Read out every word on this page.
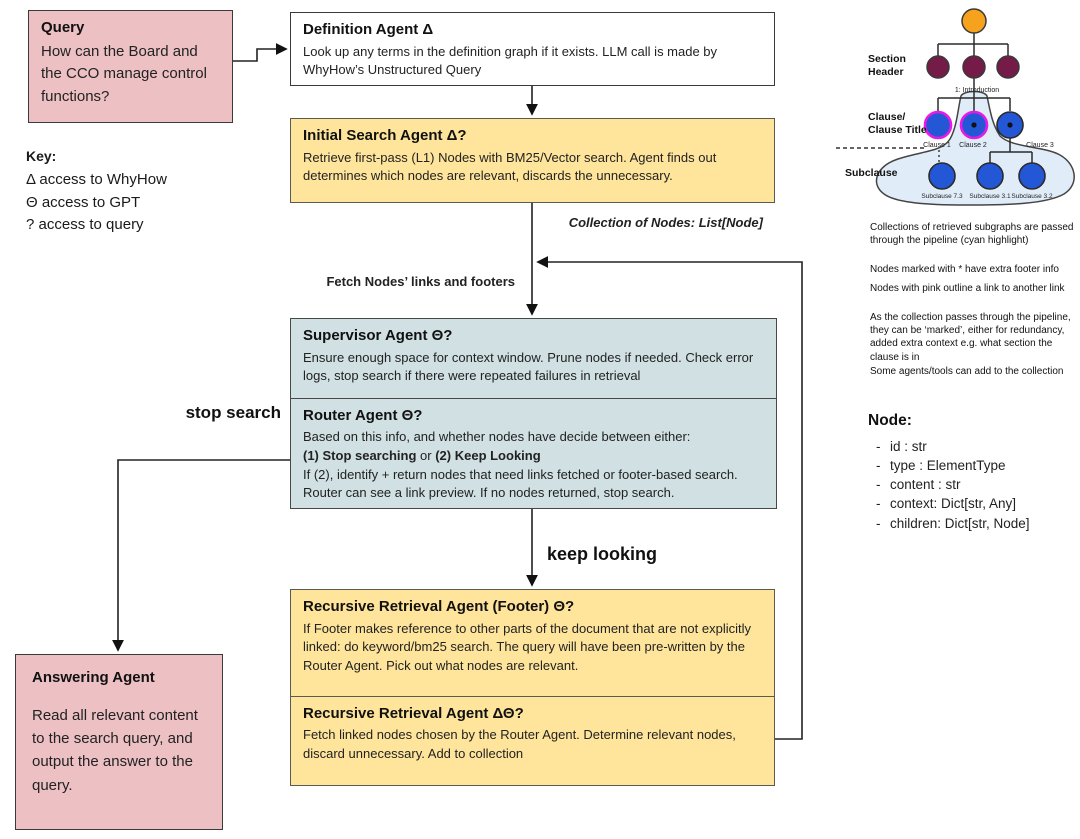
Section
Header
Clause/
Clause Title
Subclause
1: Introduction
Clause 1 Clause 2	Clause 3
Subclause 7.3 Subclause 3.1 Subclause 3.2
Query

How can the Board and the CCO manage control functions?

Key:
Δ access to WhyHow
Θ access to GPT
? access to query
Definition Agent Δ

Look up any terms in the definition graph if it exists. LLM call is made by WhyHow’s Unstructured Query

Initial Search Agent Δ?

Retrieve first-pass (L1) Nodes with BM25/Vector search. Agent finds out determines which nodes are relevant, discards the unnecessary.

Collection of Nodes: List[Node]
Fetch Nodes’ links and footers
Supervisor Agent Θ?

Ensure enough space for context window. Prune nodes if needed. Check error logs, stop search if there were repeated failures in retrieval

Router Agent Θ?

Based on this info, and whether nodes have decide between either:

(1) Stop searching or (2) Keep Looking

If (2), identify + return nodes that need links fetched or footer-based search. Router can see a link preview. If no nodes returned, stop search.

stop search
keep looking
Recursive Retrieval Agent (Footer) Θ?

If Footer makes reference to other parts of the document that are not explicitly linked: do keyword/bm25 search. The query will have been pre-written by the Router Agent. Pick out what nodes are relevant.

Recursive Retrieval Agent ΔΘ?

Fetch linked nodes chosen by the Router Agent. Determine relevant nodes, discard unnecessary. Add to collection

Answering Agent

Read all relevant content to the search query, and output the answer to the query.

Collections of retrieved subgraphs are passed through the pipeline (cyan highlight)

Nodes marked with * have extra footer info

Nodes with pink outline a link to another link

As the collection passes through the pipeline, they can be ‘marked’, either for redundancy, added extra context e.g. what section the clause is in

Some agents/tools can add to the collection

Node:
- id : str
- type : ElementType
- content : str
- context: Dict[str, Any]
- children: Dict[str, Node]
